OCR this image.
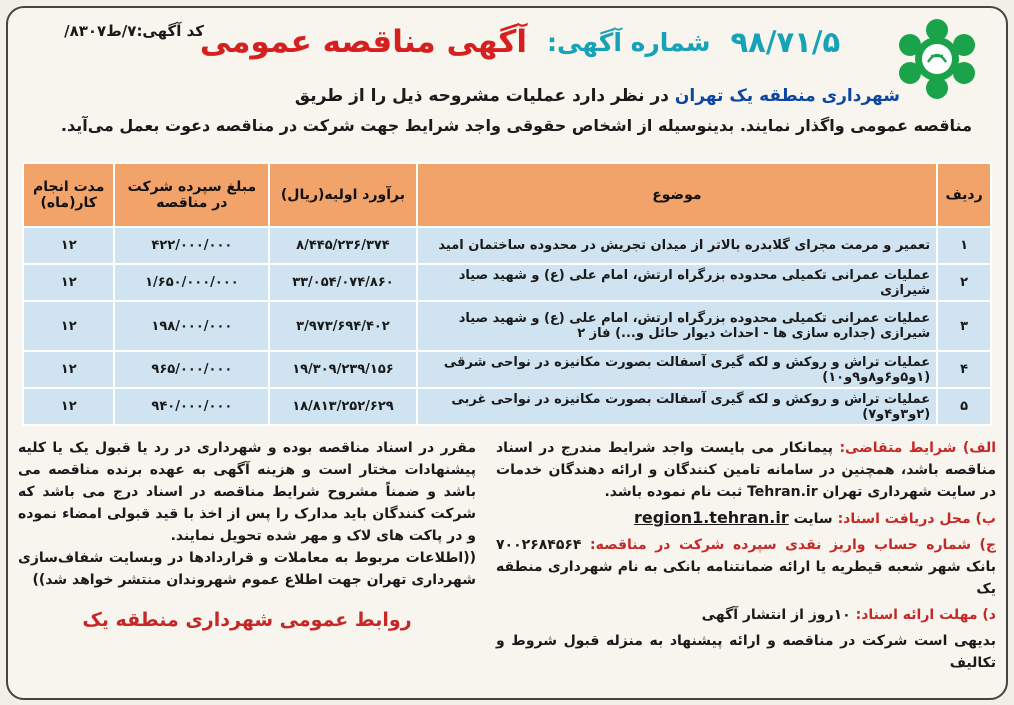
کد آگهی:۷/ط۸۳۰۷/
آگهی مناقصه عمومی شماره آگهی: ۹۸/۷۱/۵
شهرداری منطقه یک تهران در نظر دارد عملیات مشروحه ذیل را از طریق
مناقصه عمومی واگذار نمایند. بدینوسیله از اشخاص حقوقی واجد شرایط جهت شرکت در مناقصه دعوت بعمل می‌آید.
ردیف	موضوع	برآورد اولیه(ریال)	مبلغ سپرده شرکت در مناقصه	مدت انجام کار(ماه)
۱	تعمیر و مرمت مجرای گلابدره بالاتر از میدان تجریش در محدوده ساختمان امید	۸/۴۴۵/۲۳۶/۳۷۴	۴۲۲/۰۰۰/۰۰۰	۱۲
۲	عملیات عمرانی تکمیلی محدوده بزرگراه ارتش، امام علی (ع) و شهید صیاد شیرازی	۳۳/۰۵۴/۰۷۴/۸۶۰	۱/۶۵۰/۰۰۰/۰۰۰	۱۲
۳	عملیات عمرانی تکمیلی محدوده بزرگراه ارتش، امام علی (ع) و شهید صیاد شیرازی (جداره سازی ها - احداث دیوار حائل و...) فاز ۲	۳/۹۷۳/۶۹۴/۴۰۲	۱۹۸/۰۰۰/۰۰۰	۱۲
۴	عملیات تراش و روکش و لکه گیری آسفالت بصورت مکانیزه در نواحی شرقی (۱و۵و۶و۸و۹و۱۰)	۱۹/۳۰۹/۲۳۹/۱۵۶	۹۶۵/۰۰۰/۰۰۰	۱۲
۵	عملیات تراش و روکش و لکه گیری آسفالت بصورت مکانیزه در نواحی غربی (۲و۳و۴و۷)	۱۸/۸۱۳/۲۵۲/۶۲۹	۹۴۰/۰۰۰/۰۰۰	۱۲

الف) شرایط متقاضی: پیمانکار می بایست واجد شرایط مندرج در اسناد مناقصه باشد، همچنین در سامانه تامین کنندگان و ارائه دهندگان خدمات در سایت شهرداری تهران Tehran.ir ثبت نام نموده باشد.

ب) محل دریافت اسناد: سایت region1.tehran.ir

ج) شماره حساب واریز نقدی سپرده شرکت در مناقصه: ۷۰۰۲۶۸۴۵۶۴ بانک شهر شعبه قیطریه یا ارائه ضمانتنامه بانکی به نام شهرداری منطقه یک

د) مهلت ارائه اسناد: ۱۰روز از انتشار آگهی

بدیهی است شرکت در مناقصه و ارائه پیشنهاد به منزله قبول شروط و تکالیف

مقرر در اسناد مناقصه بوده و شهرداری در رد یا قبول یک یا کلیه پیشنهادات مختار است و هزینه آگهی به عهده برنده مناقصه می باشد و ضمناً مشروح شرایط مناقصه در اسناد درج می باشد که شرکت کنندگان باید مدارک را پس از اخذ با قید قبولی امضاء نموده و در پاکت های لاک و مهر شده تحویل نمایند.
((اطلاعات مربوط به معاملات و قراردادها در وبسایت شفاف‌سازی شهرداری تهران جهت اطلاع عموم شهروندان منتشر خواهد شد))
روابط عمومی شهرداری منطقه یک
